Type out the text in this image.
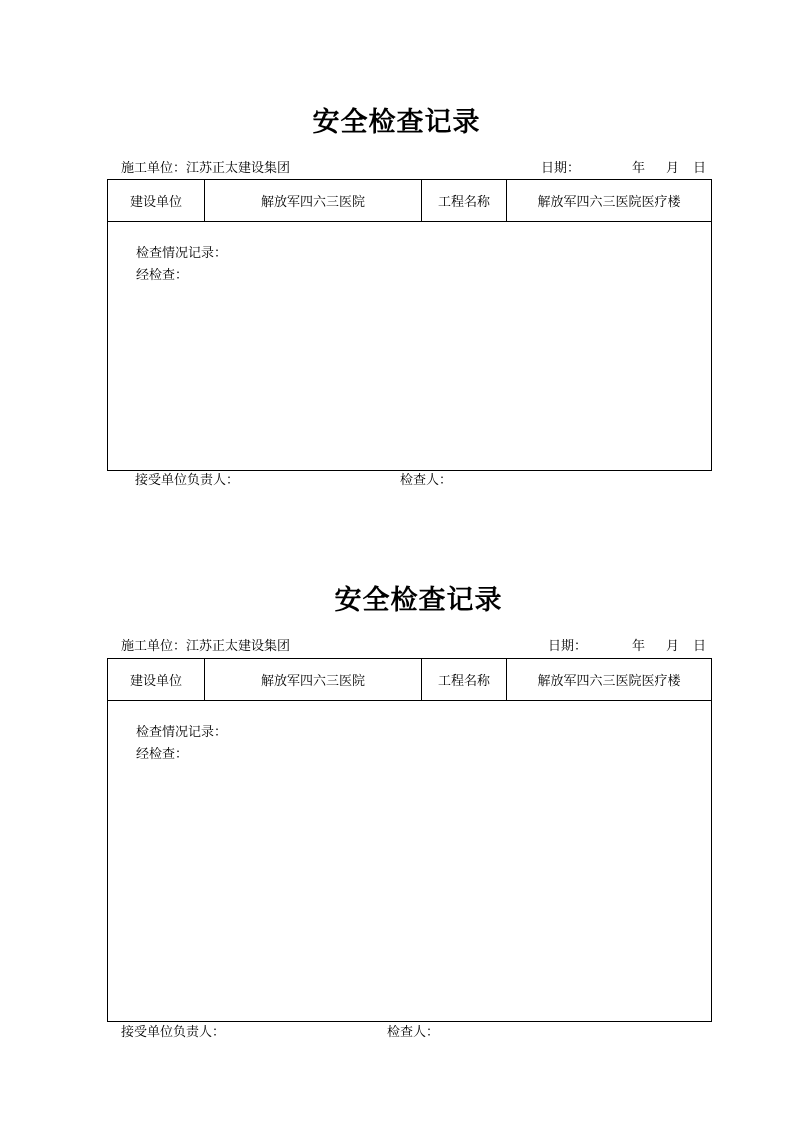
安全检查记录
施工单位：江苏正太建设集团	日期：	年 月 日
建设单位	解放军四六三医院	工程名称	解放军四六三医院医疗楼
检查情况记录：
经检查：
接受单位负责人：	检查人：
安全检查记录
施工单位：江苏正太建设集团	日期：	年 月 日
建设单位	解放军四六三医院	工程名称	解放军四六三医院医疗楼
检查情况记录：
经检查：
接受单位负责人：	检查人：
